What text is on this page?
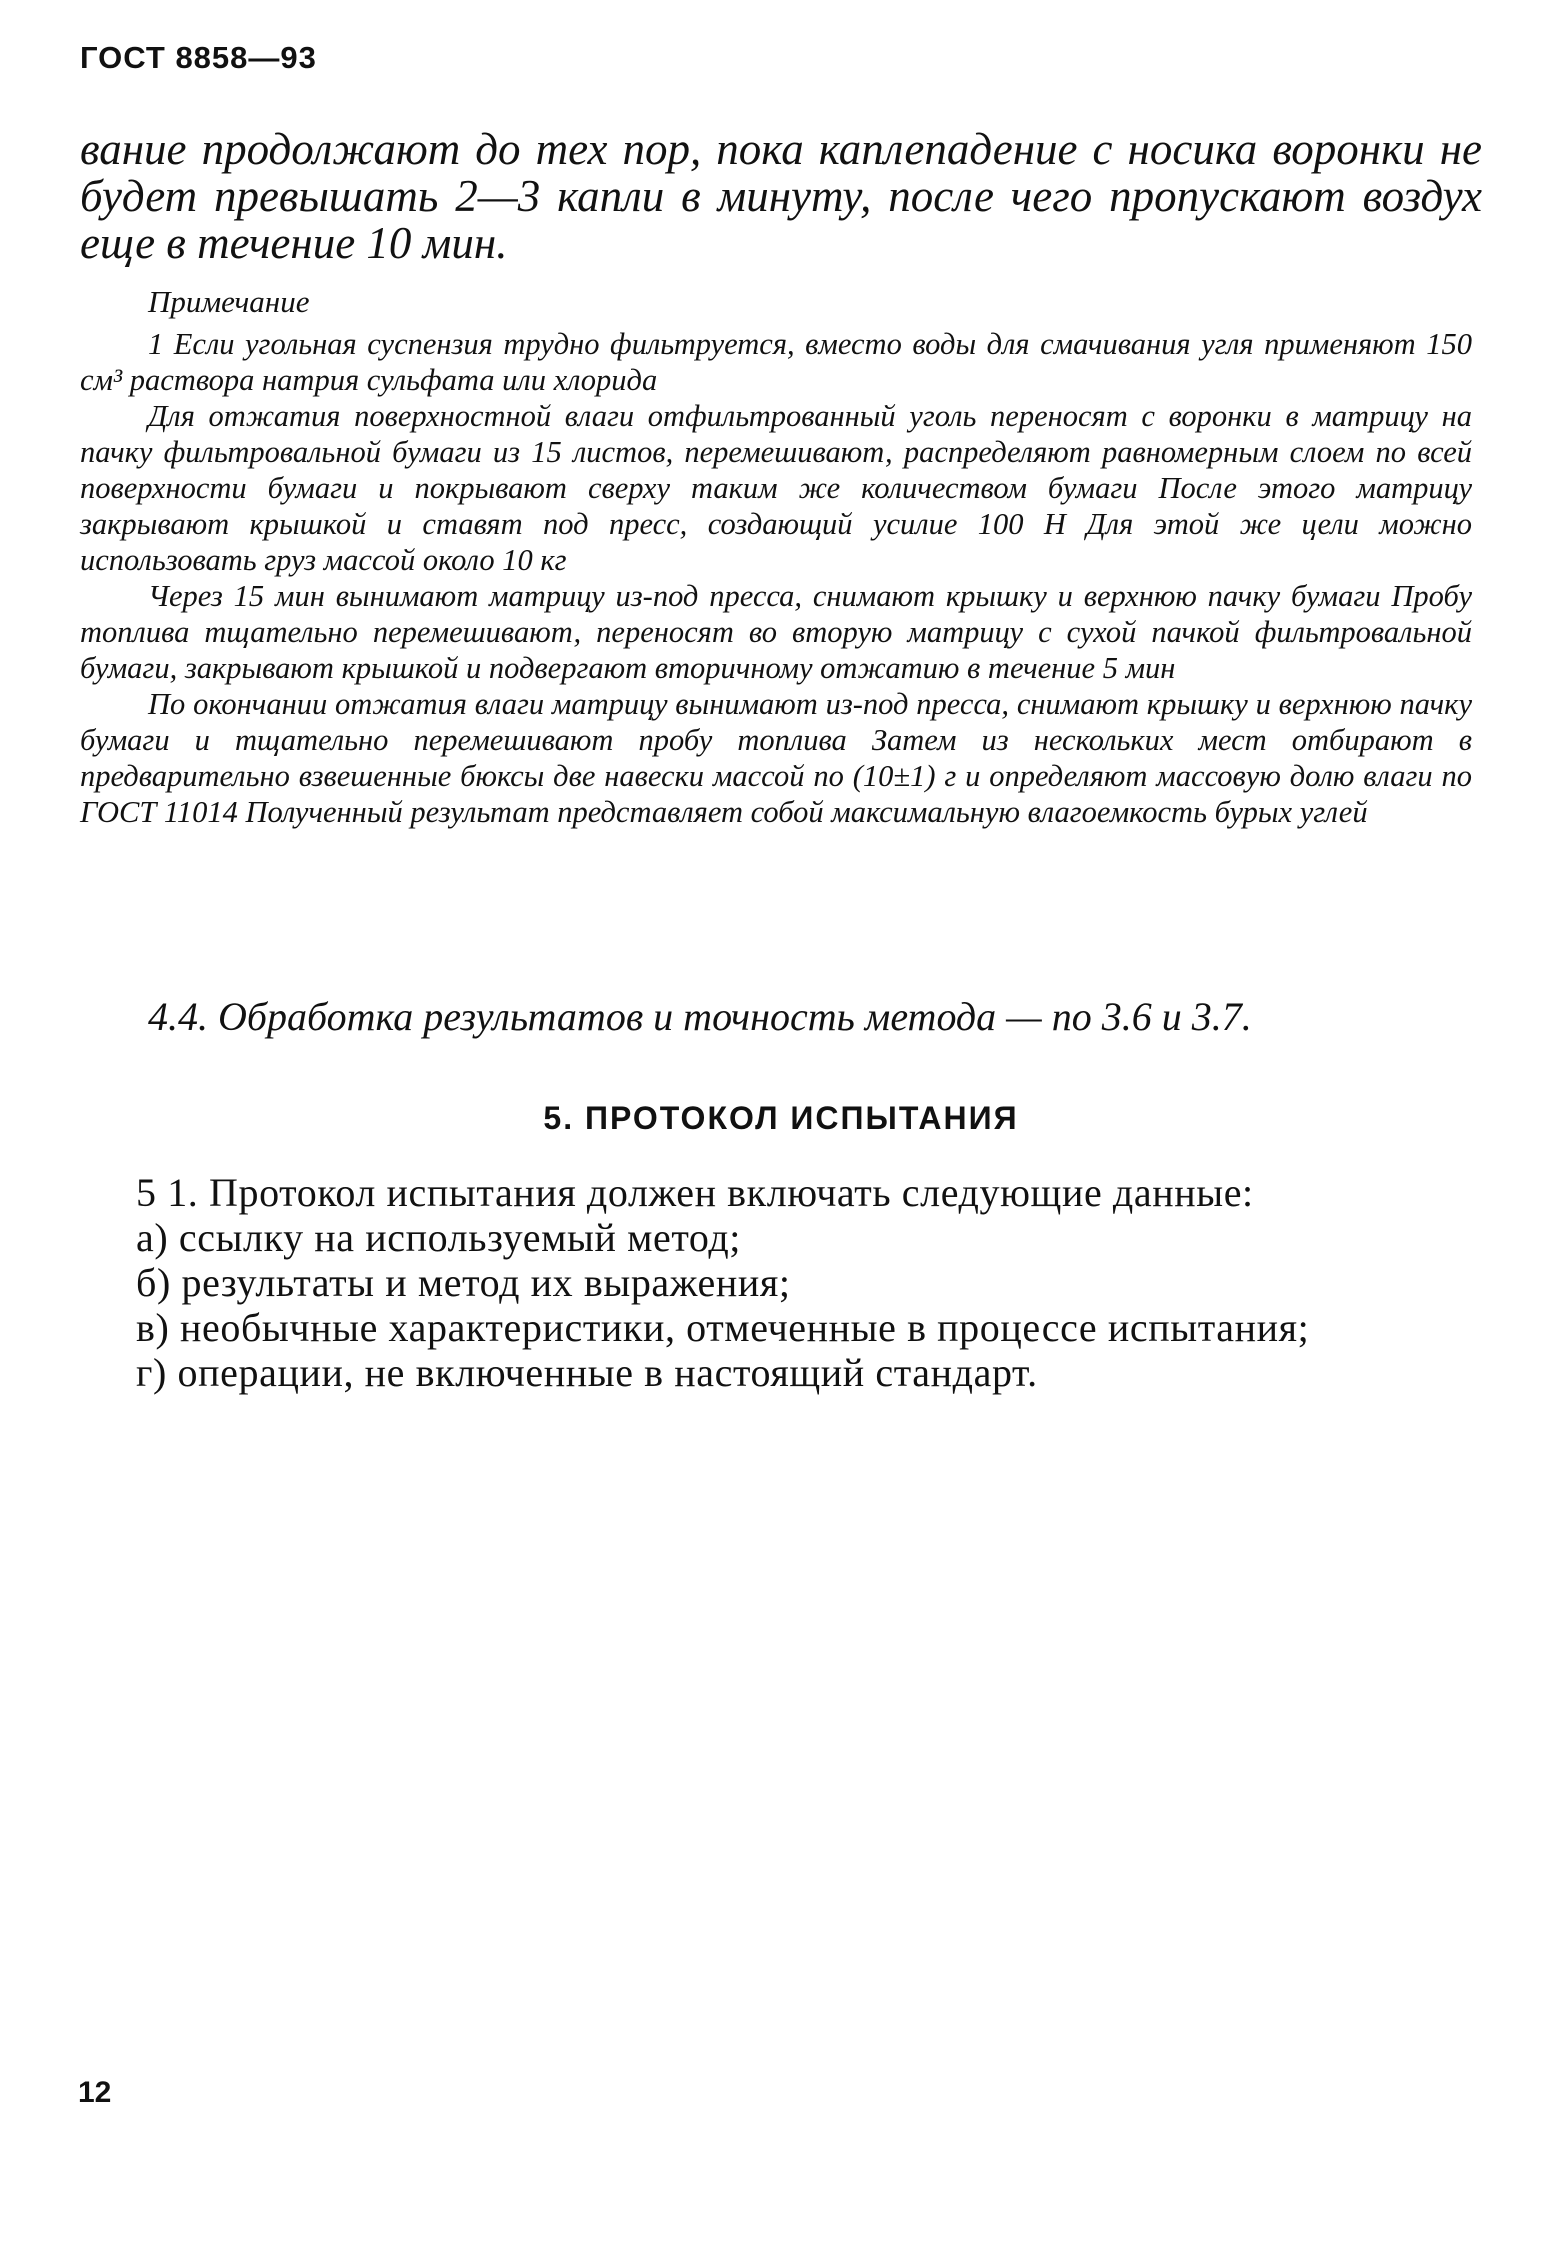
ГОСТ 8858—93

вание продолжают до тех пор, пока каплепадение с носика воронки не будет превышать 2—3 капли в минуту, после чего пропускают воздух еще в течение 10 мин.

Примечание

1 Если угольная суспензия трудно фильтруется, вместо воды для смачивания угля применяют 150 см³ раствора натрия сульфата или хлорида

Для отжатия поверхностной влаги отфильтрованный уголь переносят с воронки в матрицу на пачку фильтровальной бумаги из 15 листов, перемешивают, распределяют равномерным слоем по всей поверхности бумаги и покрывают сверху таким же количеством бумаги После этого матрицу закрывают крышкой и ставят под пресс, создающий усилие 100 Н Для этой же цели можно использовать груз массой около 10 кг

Через 15 мин вынимают матрицу из-под пресса, снимают крышку и верхнюю пачку бумаги Пробу топлива тщательно перемешивают, переносят во вторую матрицу с сухой пачкой фильтровальной бумаги, закрывают крышкой и подвергают вторичному отжатию в течение 5 мин

По окончании отжатия влаги матрицу вынимают из-под пресса, снимают крышку и верхнюю пачку бумаги и тщательно перемешивают пробу топлива Затем из нескольких мест отбирают в предварительно взвешенные бюксы две навески массой по (10±1) г и определяют массовую долю влаги по ГОСТ 11014 Полученный результат представляет собой максимальную влагоемкость бурых углей

4.4. Обработка результатов и точность метода — по 3.6 и 3.7.

5. ПРОТОКОЛ ИСПЫТАНИЯ

5 1. Протокол испытания должен включать следующие данные:

а) ссылку на используемый метод;

б) результаты и метод их выражения;

в) необычные характеристики, отмеченные в процессе испытания;

г) операции, не включенные в настоящий стандарт.

12
